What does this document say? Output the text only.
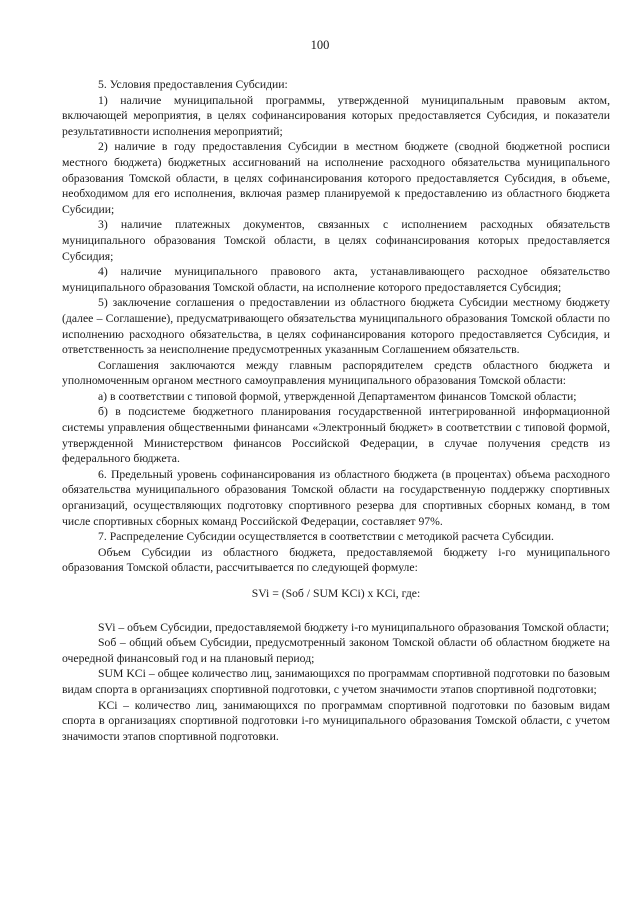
100

5. Условия предоставления Субсидии:

1) наличие муниципальной программы, утвержденной муниципальным правовым актом, включающей мероприятия, в целях софинансирования которых предоставляется Субсидия, и показатели результативности исполнения мероприятий;

2) наличие в году предоставления Субсидии в местном бюджете (сводной бюджетной росписи местного бюджета) бюджетных ассигнований на исполнение расходного обязательства муниципального образования Томской области, в целях софинансирования которого предоставляется Субсидия, в объеме, необходимом для его исполнения, включая размер планируемой к предоставлению из областного бюджета Субсидии;

3) наличие платежных документов, связанных с исполнением расходных обязательств муниципального образования Томской области, в целях софинансирования которых предоставляется Субсидия;

4) наличие муниципального правового акта, устанавливающего расходное обязательство муниципального образования Томской области, на исполнение которого предоставляется Субсидия;

5) заключение соглашения о предоставлении из областного бюджета Субсидии местному бюджету (далее – Соглашение), предусматривающего обязательства муниципального образования Томской области по исполнению расходного обязательства, в целях софинансирования которого предоставляется Субсидия, и ответственность за неисполнение предусмотренных указанным Соглашением обязательств.

Соглашения заключаются между главным распорядителем средств областного бюджета и уполномоченным органом местного самоуправления муниципального образования Томской области:

а) в соответствии с типовой формой, утвержденной Департаментом финансов Томской области;

б) в подсистеме бюджетного планирования государственной интегрированной информационной системы управления общественными финансами «Электронный бюджет» в соответствии с типовой формой, утвержденной Министерством финансов Российской Федерации, в случае получения средств из федерального бюджета.

6. Предельный уровень софинансирования из областного бюджета (в процентах) объема расходного обязательства муниципального образования Томской области на государственную поддержку спортивных организаций, осуществляющих подготовку спортивного резерва для спортивных сборных команд, в том числе спортивных сборных команд Российской Федерации, составляет 97%.

7. Распределение Субсидии осуществляется в соответствии с методикой расчета Субсидии.

Объем Субсидии из областного бюджета, предоставляемой бюджету i-го муниципального образования Томской области, рассчитывается по следующей формуле:

SVi = (Sоб / SUM KCi) x KCi, где:

SVi – объем Субсидии, предоставляемой бюджету i-го муниципального образования Томской области;

Sоб – общий объем Субсидии, предусмотренный законом Томской области об областном бюджете на очередной финансовый год и на плановый период;

SUM KCi – общее количество лиц, занимающихся по программам спортивной подготовки по базовым видам спорта в организациях спортивной подготовки, с учетом значимости этапов спортивной подготовки;

KCi – количество лиц, занимающихся по программам спортивной подготовки по базовым видам спорта в организациях спортивной подготовки i-го муниципального образования Томской области, с учетом значимости этапов спортивной подготовки.
